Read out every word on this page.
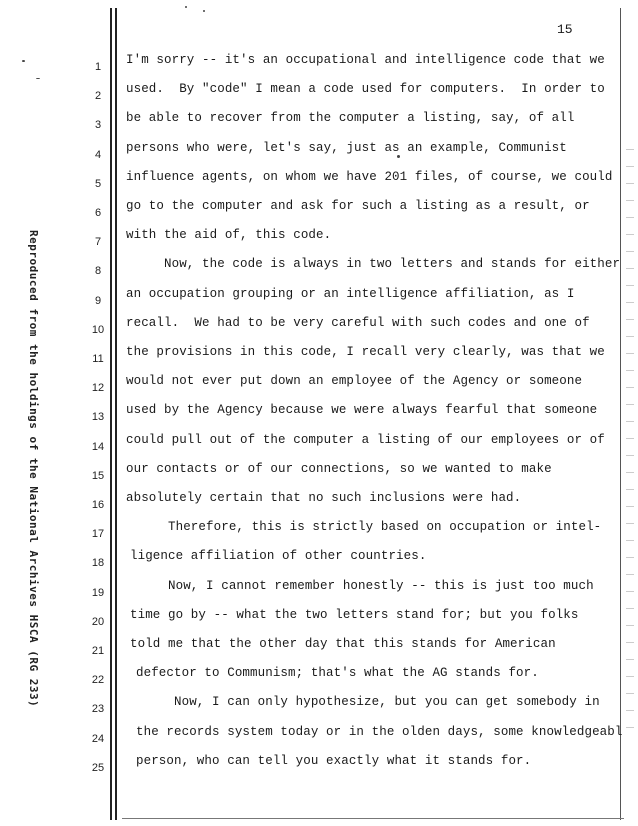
Reproduced from the holdings of the National Archives HSCA (RG 233)
15
1	I'm sorry -- it's an occupational and intelligence code that we
2	used.  By "code" I mean a code used for computers.  In order to
3	be able to recover from the computer a listing, say, of all
4	persons who were, let's say, just as an example, Communist
5	influence agents, on whom we have 201 files, of course, we could
6	go to the computer and ask for such a listing as a result, or
7	with the aid of, this code.
8	Now, the code is always in two letters and stands for either
9	an occupation grouping or an intelligence affiliation, as I
10	recall.  We had to be very careful with such codes and one of
11	the provisions in this code, I recall very clearly, was that we
12	would not ever put down an employee of the Agency or someone
13	used by the Agency because we were always fearful that someone
14	could pull out of the computer a listing of our employees or of
15	our contacts or of our connections, so we wanted to make
16	absolutely certain that no such inclusions were had.
17	Therefore, this is strictly based on occupation or intel-
18	ligence affiliation of other countries.
19	Now, I cannot remember honestly -- this is just too much
20	time go by -- what the two letters stand for; but you folks
21	told me that the other day that this stands for American
22	defector to Communism; that's what the AG stands for.
23	Now, I can only hypothesize, but you can get somebody in
24	the records system today or in the olden days, some knowledgeabl
25	person, who can tell you exactly what it stands for.
